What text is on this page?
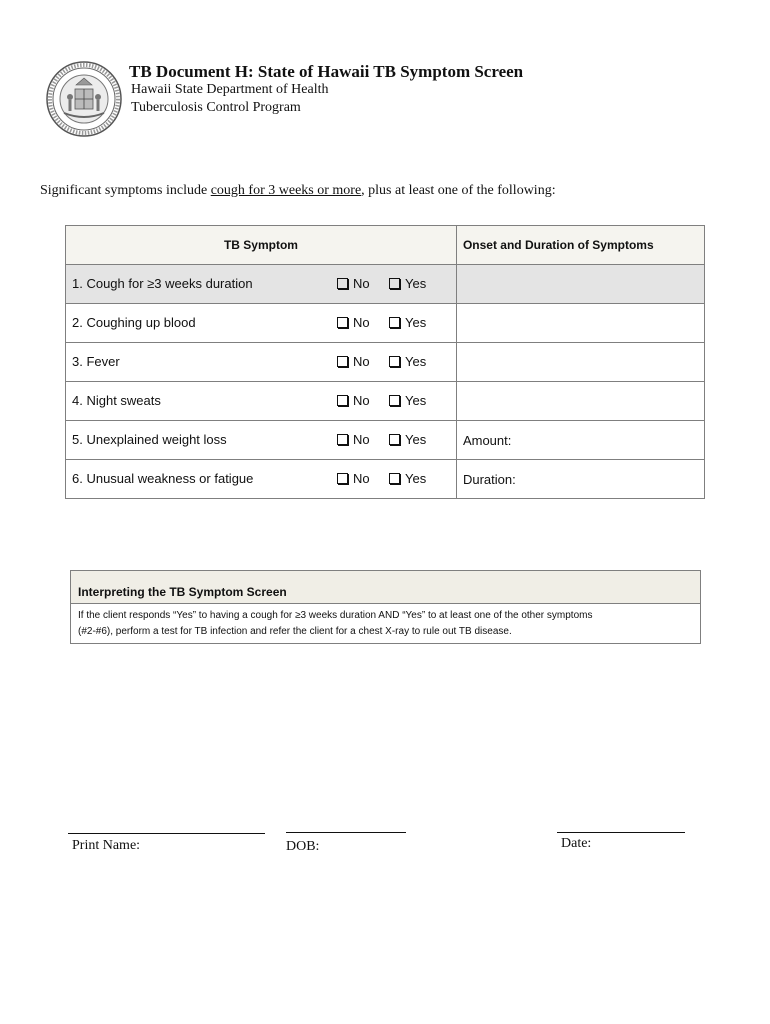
TB Document H: State of Hawaii TB Symptom Screen
Hawaii State Department of Health
Tuberculosis Control Program
Significant symptoms include cough for 3 weeks or more, plus at least one of the following:
TB Symptom	Onset and Duration of Symptoms

1. Cough for ≥3 weeks duration No Yes	

2. Coughing up blood No Yes	

3. Fever No Yes	

4. Night sweats No Yes	

5. Unexplained weight loss No Yes	Amount:

6. Unusual weakness or fatigue No Yes	Duration:
Interpreting the TB Symptom Screen
If the client responds “Yes” to having a cough for ≥3 weeks duration AND “Yes” to at least one of the other symptoms
(#2-#6), perform a test for TB infection and refer the client for a chest X-ray to rule out TB disease.
Print Name:	DOB:	Date:
